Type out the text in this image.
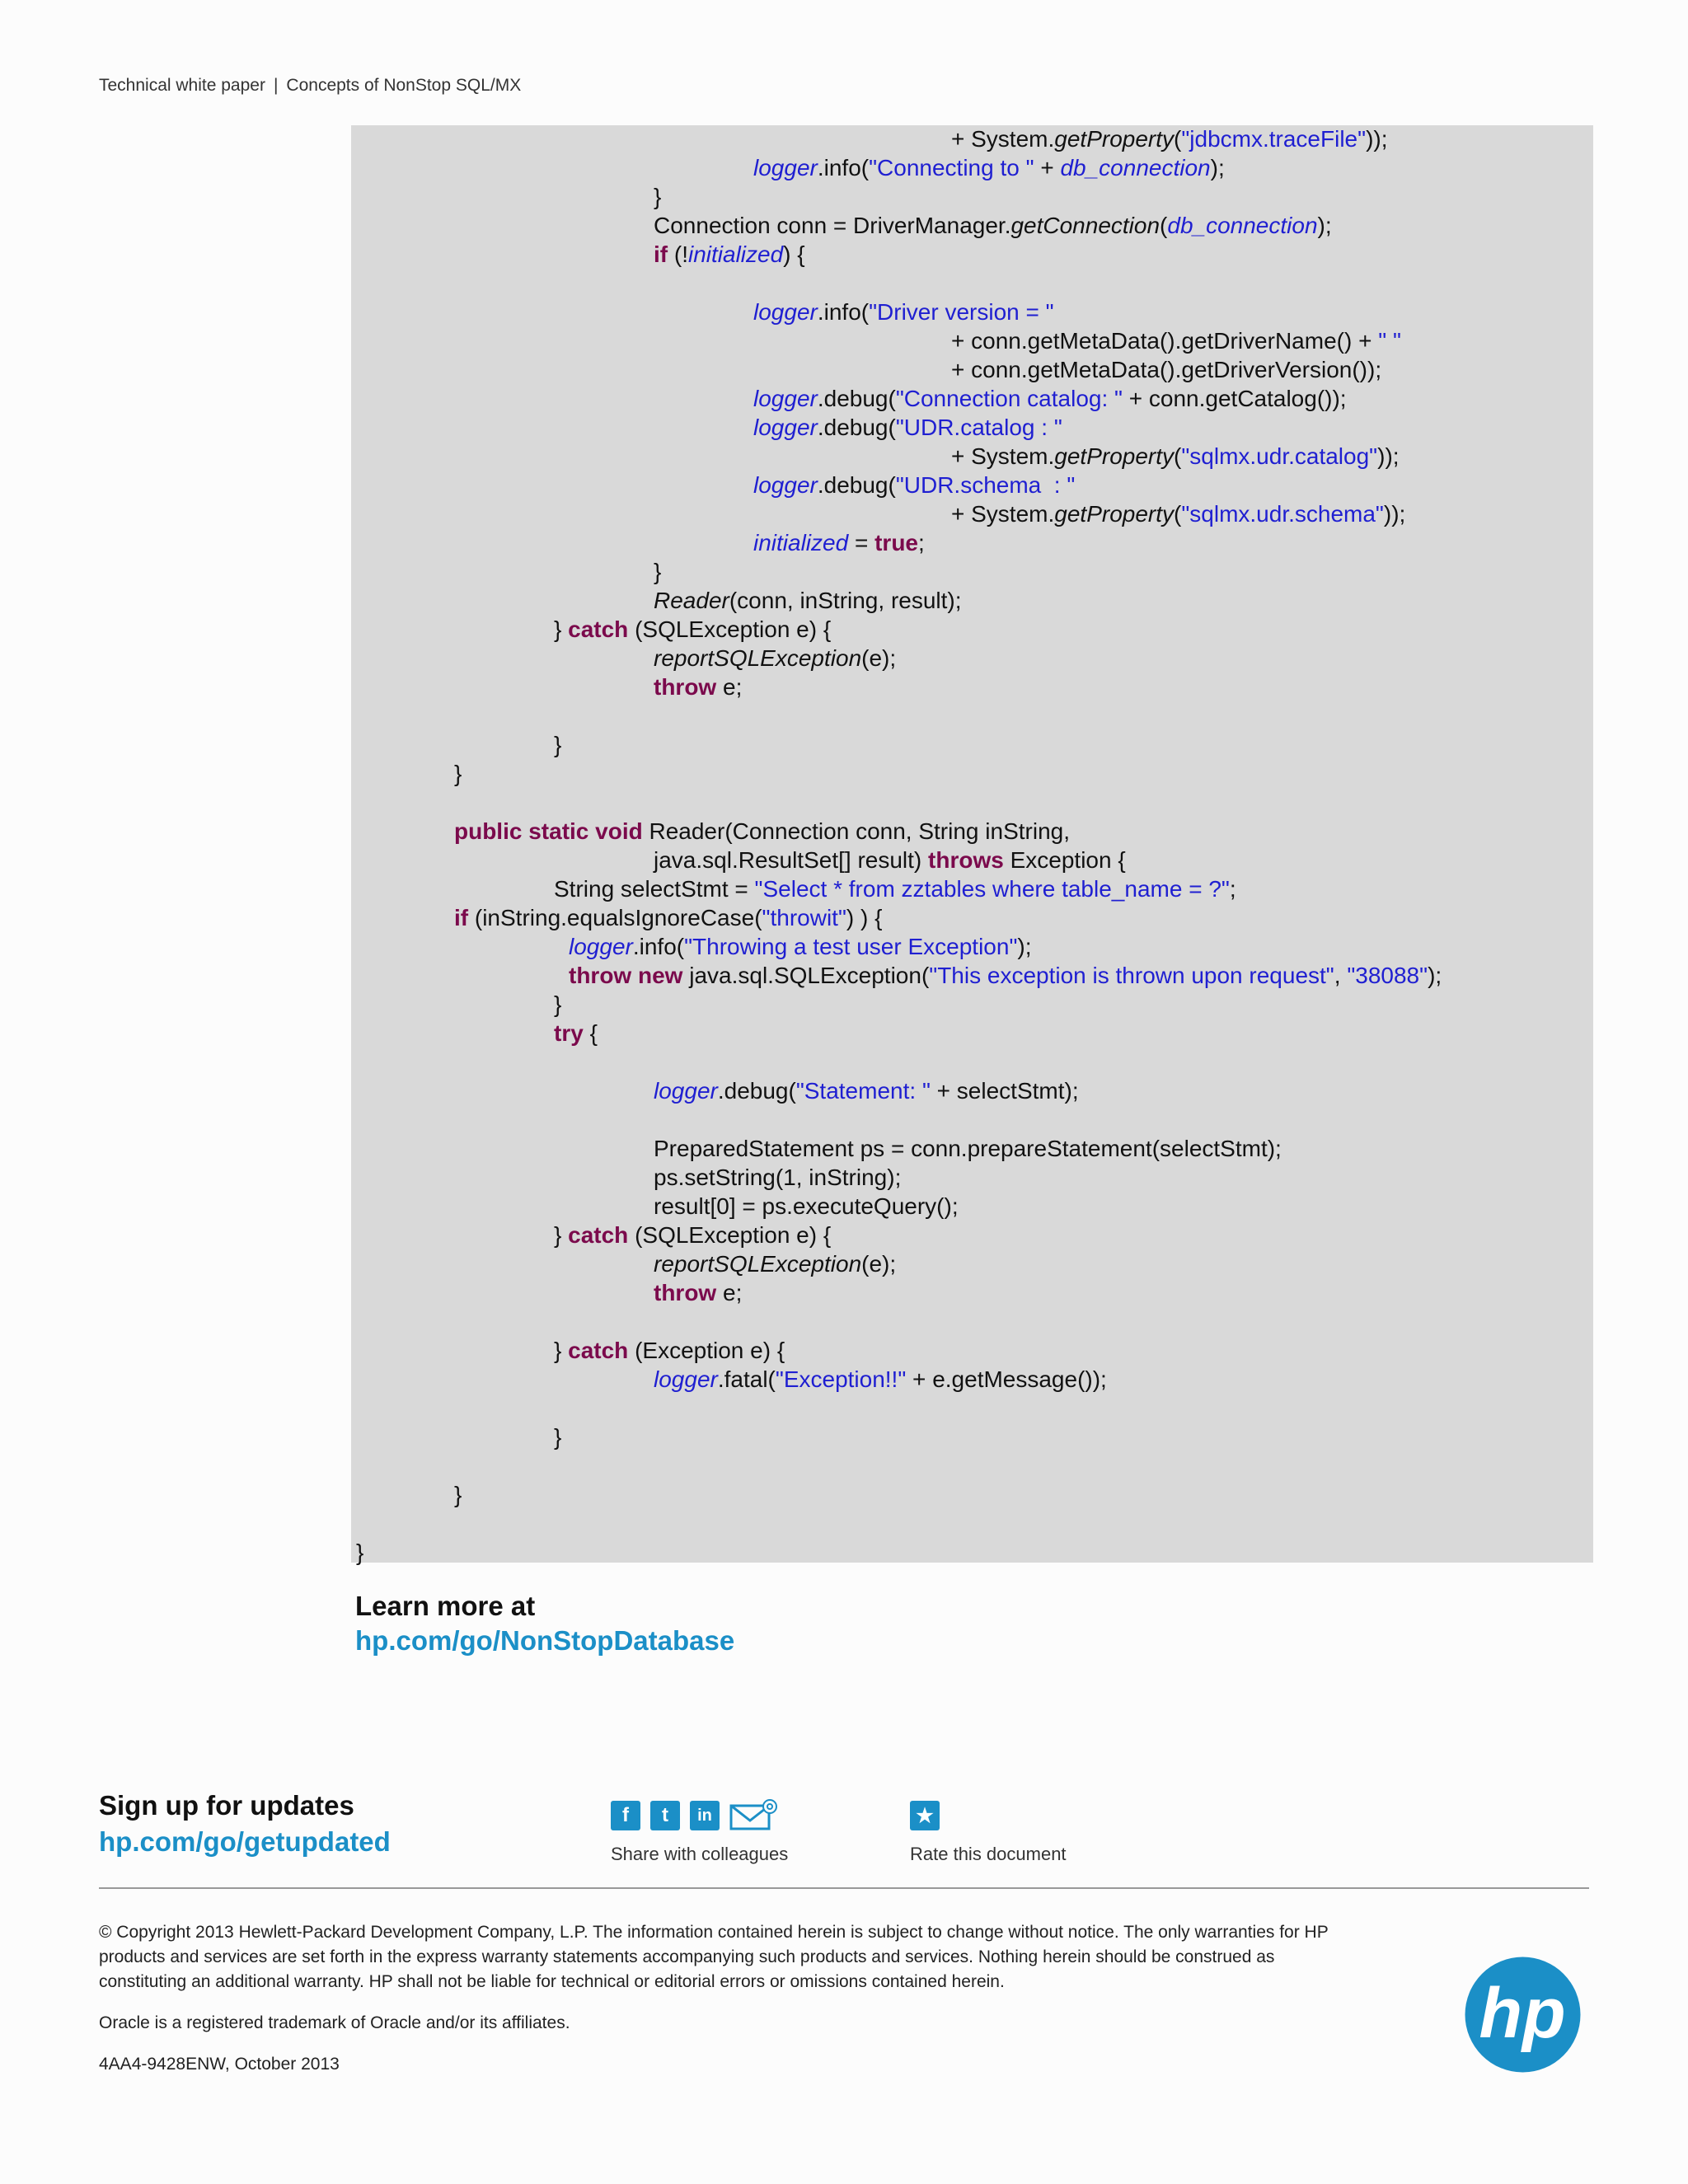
Technical white paper | Concepts of NonStop SQL/MX
+ System.getProperty("jdbcmx.traceFile"));
logger.info("Connecting to " + db_connection);
}
Connection conn = DriverManager.getConnection(db_connection);
if (!initialized) {
logger.info("Driver version = "
+ conn.getMetaData().getDriverName() + " "
+ conn.getMetaData().getDriverVersion());
logger.debug("Connection catalog: " + conn.getCatalog());
logger.debug("UDR.catalog : "
+ System.getProperty("sqlmx.udr.catalog"));
logger.debug("UDR.schema  : "
+ System.getProperty("sqlmx.udr.schema"));
initialized = true;
}
Reader(conn, inString, result);
} catch (SQLException e) {
reportSQLException(e);
throw e;
}
}
public static void Reader(Connection conn, String inString,
java.sql.ResultSet[] result) throws Exception {
String selectStmt = "Select * from zztables where table_name = ?";
if (inString.equalsIgnoreCase("throwit") ) {
logger.info("Throwing a test user Exception");
throw new java.sql.SQLException("This exception is thrown upon request", "38088");
}
try {
logger.debug("Statement: " + selectStmt);
PreparedStatement ps = conn.prepareStatement(selectStmt);
ps.setString(1, inString);
result[0] = ps.executeQuery();
} catch (SQLException e) {
reportSQLException(e);
throw e;
} catch (Exception e) {
logger.fatal("Exception!!" + e.getMessage());
}
}
}
Learn more at
hp.com/go/NonStopDatabase
Sign up for updates
hp.com/go/getupdated
f	t	in
Share with colleagues
★
Rate this document

© Copyright 2013 Hewlett-Packard Development Company, L.P. The information contained herein is subject to change without notice. The only warranties for HP products and services are set forth in the express warranty statements accompanying such products and services. Nothing herein should be construed as constituting an additional warranty. HP shall not be liable for technical or editorial errors or omissions contained herein.

Oracle is a registered trademark of Oracle and/or its affiliates.

4AA4-9428ENW, October 2013

hp
